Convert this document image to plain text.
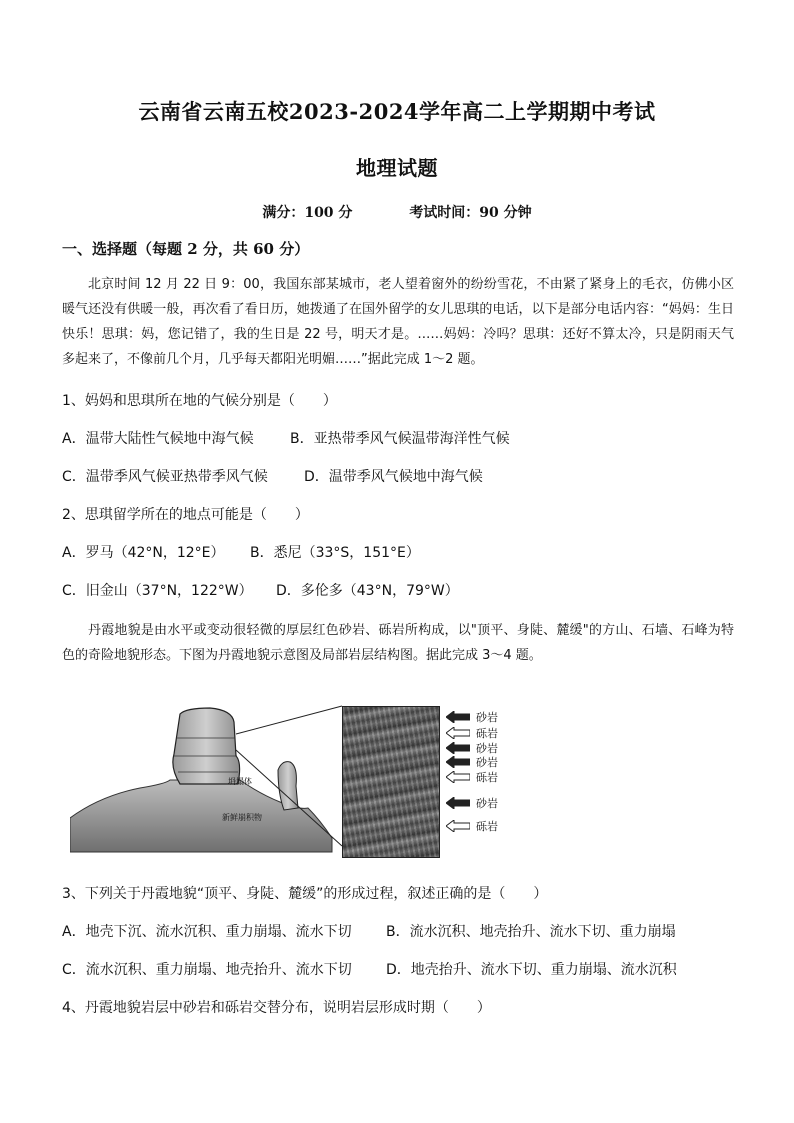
云南省云南五校2023-2024学年高二上学期期中考试
地理试题
满分：100 分	考试时间：90 分钟
一、选择题（每题 2 分，共 60 分）
北京时间 12 月 22 日 9：00，我国东部某城市，老人望着窗外的纷纷雪花，不由紧了紧身上的毛衣，仿佛小区暖气还没有供暖一般，再次看了看日历，她拨通了在国外留学的女儿思琪的电话，以下是部分电话内容：“妈妈：生日快乐！思琪：妈，您记错了，我的生日是 22 号，明天才是。……妈妈：冷吗？思琪：还好不算太冷，只是阴雨天气多起来了，不像前几个月，几乎每天都阳光明媚……”据此完成 1～2 题。
1、妈妈和思琪所在地的气候分别是（　　）
A．温带大陆性气候地中海气候	B．亚热带季风气候温带海洋性气候
C．温带季风气候亚热带季风气候	D．温带季风气候地中海气候
2、思琪留学所在的地点可能是（　　）
A．罗马（42°N，12°E） B．悉尼（33°S，151°E）
C．旧金山（37°N，122°W） D．多伦多（43°N，79°W）
丹霞地貌是由水平或变动很轻微的厚层红色砂岩、砾岩所构成，以"顶平、身陡、麓缓"的方山、石墙、石峰为特色的奇险地貌形态。下图为丹霞地貌示意图及局部岩层结构图。据此完成 3～4 题。
坍塌体
新鲜崩积物
砂岩
砾岩
砂岩
砂岩
砾岩
砂岩
砾岩
3、下列关于丹霞地貌“顶平、身陡、麓缓”的形成过程，叙述正确的是（　　）
A．地壳下沉、流水沉积、重力崩塌、流水下切 B．流水沉积、地壳抬升、流水下切、重力崩塌
C．流水沉积、重力崩塌、地壳抬升、流水下切 D．地壳抬升、流水下切、重力崩塌、流水沉积
4、丹霞地貌岩层中砂岩和砾岩交替分布，说明岩层形成时期（　　）
